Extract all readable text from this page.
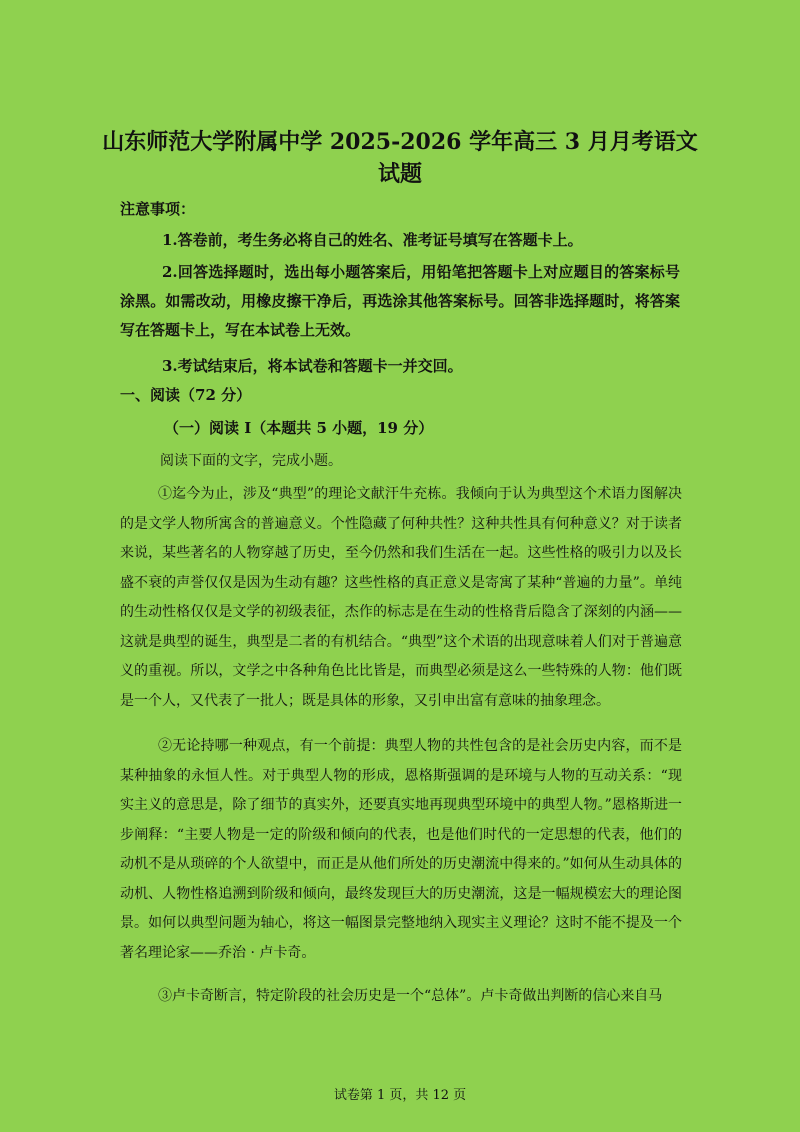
山东师范大学附属中学 2025-2026 学年高三 3 月月考语文
试题
注意事项：

1.答卷前，考生务必将自己的姓名、准考证号填写在答题卡上。

2.回答选择题时，选出每小题答案后，用铅笔把答题卡上对应题目的答案标号涂黑。如需改动，用橡皮擦干净后，再选涂其他答案标号。回答非选择题时，将答案写在答题卡上，写在本试卷上无效。

3.考试结束后，将本试卷和答题卡一并交回。

一、阅读（72 分）
（一）阅读 I（本题共 5 小题，19 分）
阅读下面的文字，完成小题。

①迄今为止，涉及“典型”的理论文献汗牛充栋。我倾向于认为典型这个术语力图解决的是文学人物所寓含的普遍意义。个性隐藏了何种共性？这种共性具有何种意义？对于读者来说，某些著名的人物穿越了历史，至今仍然和我们生活在一起。这些性格的吸引力以及长盛不衰的声誉仅仅是因为生动有趣？这些性格的真正意义是寄寓了某种“普遍的力量”。单纯的生动性格仅仅是文学的初级表征，杰作的标志是在生动的性格背后隐含了深刻的内涵——这就是典型的诞生，典型是二者的有机结合。“典型”这个术语的出现意味着人们对于普遍意义的重视。所以，文学之中各种角色比比皆是，而典型必须是这么一些特殊的人物：他们既是一个人，又代表了一批人；既是具体的形象，又引申出富有意味的抽象理念。

②无论持哪一种观点，有一个前提：典型人物的共性包含的是社会历史内容，而不是某种抽象的永恒人性。对于典型人物的形成，恩格斯强调的是环境与人物的互动关系：“现实主义的意思是，除了细节的真实外，还要真实地再现典型环境中的典型人物。”恩格斯进一步阐释：“主要人物是一定的阶级和倾向的代表，也是他们时代的一定思想的代表，他们的动机不是从琐碎的个人欲望中，而正是从他们所处的历史潮流中得来的。”如何从生动具体的动机、人物性格追溯到阶级和倾向，最终发现巨大的历史潮流，这是一幅规模宏大的理论图景。如何以典型问题为轴心，将这一幅图景完整地纳入现实主义理论？这时不能不提及一个著名理论家——乔治 · 卢卡奇。

③卢卡奇断言，特定阶段的社会历史是一个“总体”。卢卡奇做出判断的信心来自马

试卷第 1 页，共 12 页
